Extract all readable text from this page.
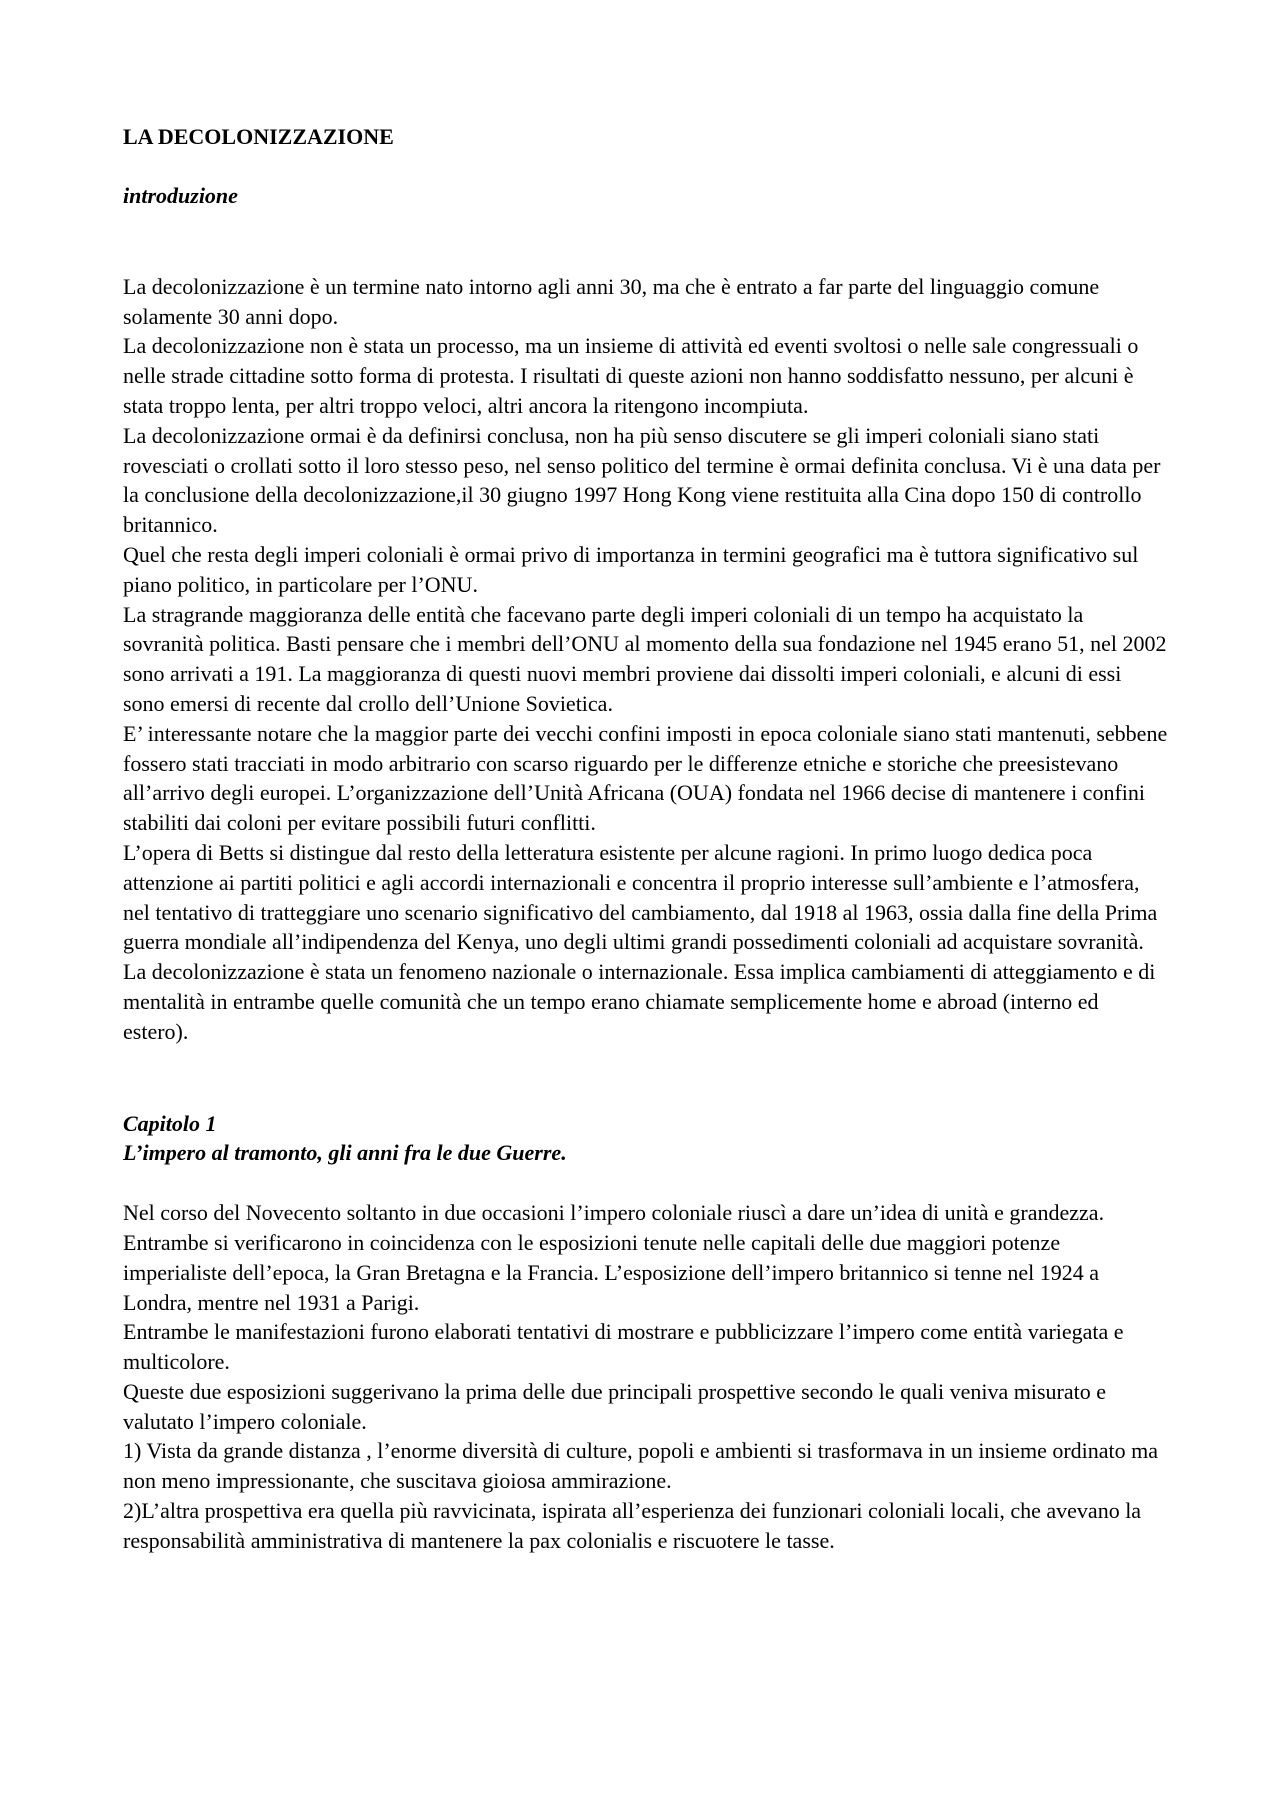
LA DECOLONIZZAZIONE

introduzione

La decolonizzazione è un termine nato intorno agli anni 30, ma che è entrato a far parte del linguaggio comune solamente 30 anni dopo.

La decolonizzazione non è stata un processo, ma un insieme di attività ed eventi svoltosi o nelle sale congressuali o nelle strade cittadine sotto forma di protesta. I risultati di queste azioni non hanno soddisfatto nessuno, per alcuni è stata troppo lenta, per altri troppo veloci, altri ancora la ritengono incompiuta.

La decolonizzazione ormai è da definirsi conclusa, non ha più senso discutere se gli imperi coloniali siano stati rovesciati o crollati sotto il loro stesso peso, nel senso politico del termine è ormai definita conclusa. Vi è una data per la conclusione della decolonizzazione,il 30 giugno 1997 Hong Kong viene restituita alla Cina dopo 150 di controllo britannico.

Quel che resta degli imperi coloniali è ormai privo di importanza in termini geografici ma è tuttora significativo sul piano politico, in particolare per l’ONU.

La stragrande maggioranza delle entità che facevano parte degli imperi coloniali di un tempo ha acquistato la sovranità politica. Basti pensare che i membri dell’ONU al momento della sua fondazione nel 1945 erano 51, nel 2002 sono arrivati a 191. La maggioranza di questi nuovi membri proviene dai dissolti imperi coloniali, e alcuni di essi sono emersi di recente dal crollo dell’Unione Sovietica.

E’ interessante notare che la maggior parte dei vecchi confini imposti in epoca coloniale siano stati mantenuti, sebbene fossero stati tracciati in modo arbitrario con scarso riguardo per le differenze etniche e storiche che preesistevano all’arrivo degli europei. L’organizzazione dell’Unità Africana (OUA) fondata nel 1966 decise di mantenere i confini stabiliti dai coloni per evitare possibili futuri conflitti.

L’opera di Betts si distingue dal resto della letteratura esistente per alcune ragioni. In primo luogo dedica poca attenzione ai partiti politici e agli accordi internazionali e concentra il proprio interesse sull’ambiente e l’atmosfera, nel tentativo di tratteggiare uno scenario significativo del cambiamento, dal 1918 al 1963, ossia dalla fine della Prima guerra mondiale all’indipendenza del Kenya, uno degli ultimi grandi possedimenti coloniali ad acquistare sovranità.

La decolonizzazione è stata un fenomeno nazionale o internazionale. Essa implica cambiamenti di atteggiamento e di mentalità in entrambe quelle comunità che un tempo erano chiamate semplicemente home e abroad (interno ed estero).

Capitolo 1

L’impero al tramonto, gli anni fra le due Guerre.

Nel corso del Novecento soltanto in due occasioni l’impero coloniale riuscì a dare un’idea di unità e grandezza. Entrambe si verificarono in coincidenza con le esposizioni tenute nelle capitali delle due maggiori potenze imperialiste dell’epoca, la Gran Bretagna e la Francia. L’esposizione dell’impero britannico si tenne nel 1924 a Londra, mentre nel 1931 a Parigi.

Entrambe le manifestazioni furono elaborati tentativi di mostrare e pubblicizzare l’impero come entità variegata e multicolore.

Queste due esposizioni suggerivano la prima delle due principali prospettive secondo le quali veniva misurato e valutato l’impero coloniale.

1) Vista da grande distanza , l’enorme diversità di culture, popoli e ambienti si trasformava in un insieme ordinato ma non meno impressionante, che suscitava gioiosa ammirazione.

2)L’altra prospettiva era quella più ravvicinata, ispirata all’esperienza dei funzionari coloniali locali, che avevano la responsabilità amministrativa di mantenere la pax colonialis e riscuotere le tasse.
